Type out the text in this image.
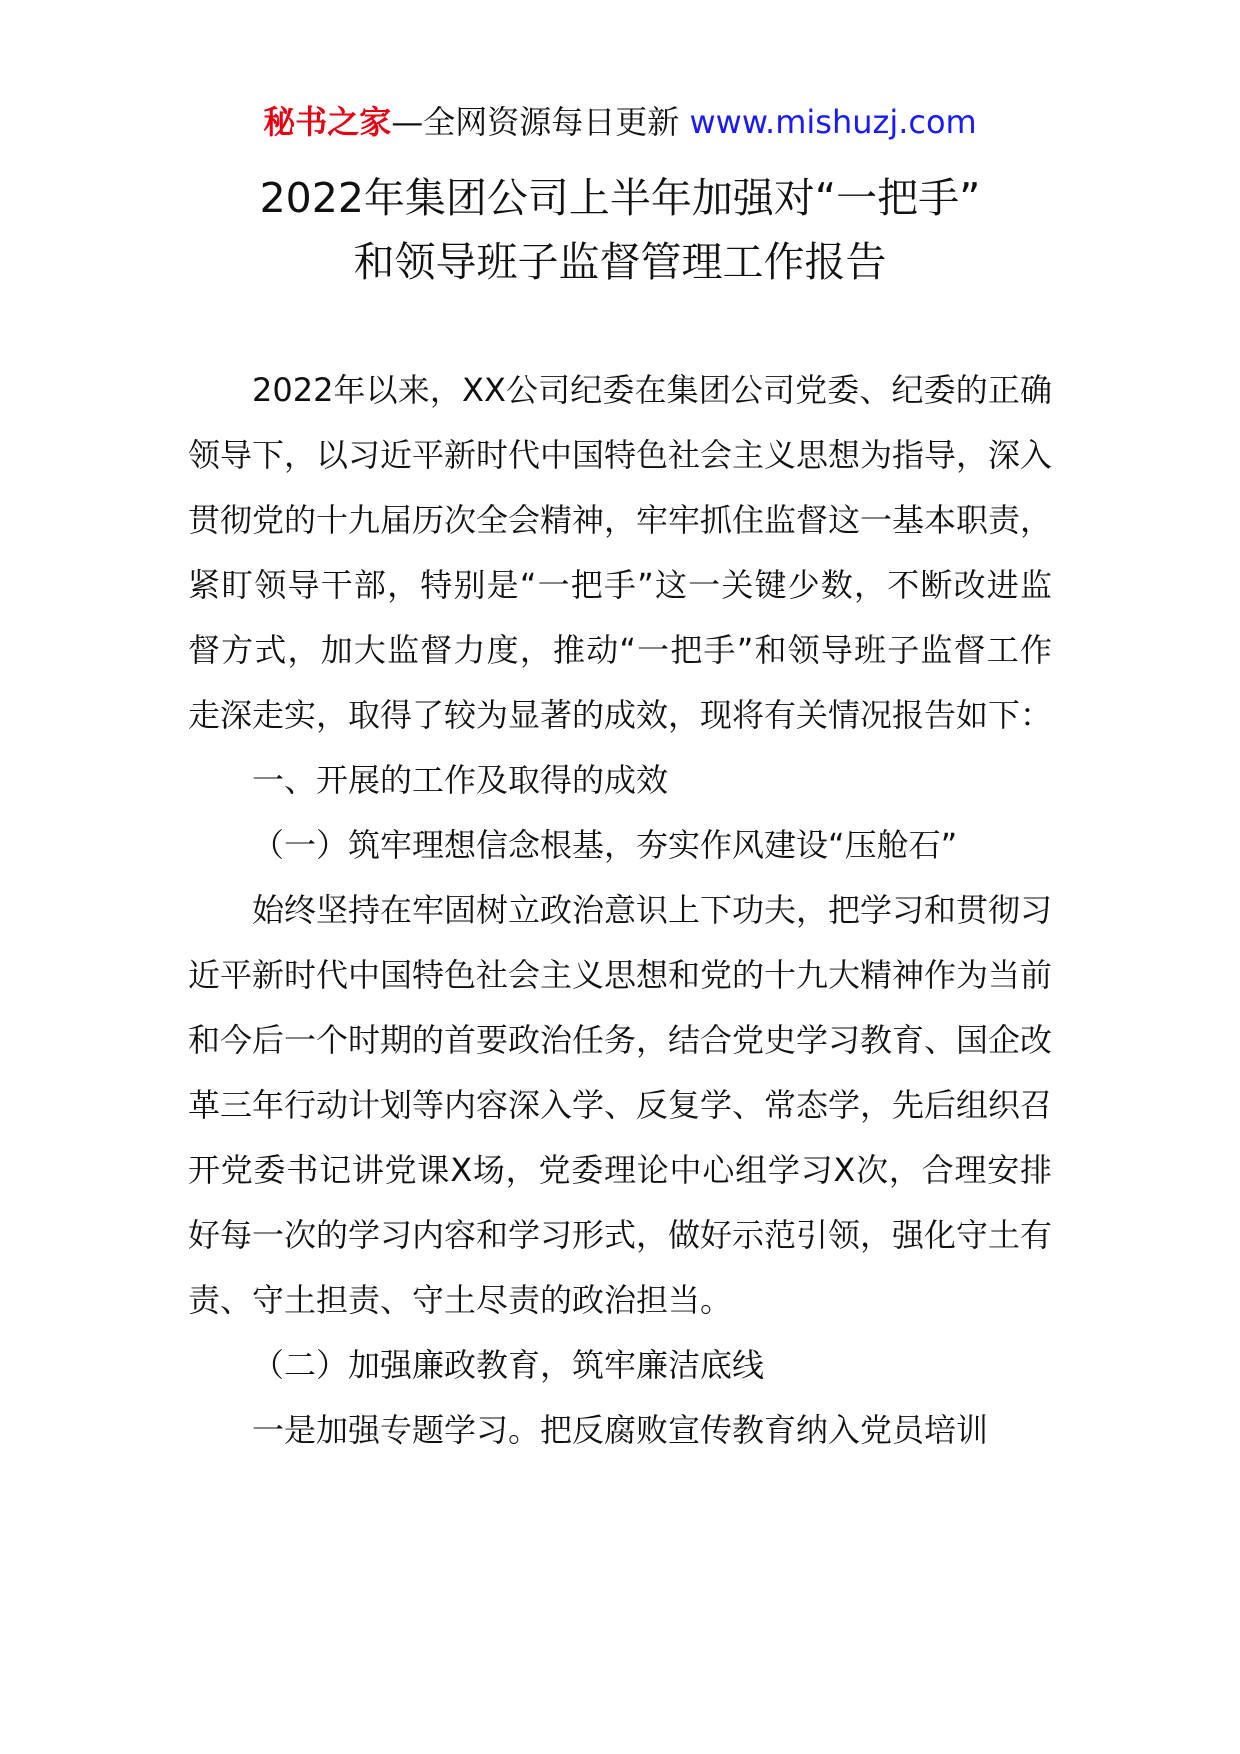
秘书之家—全网资源每日更新 www.mishuzj.com
2022年集团公司上半年加强对“一把手”
和领导班子监督管理工作报告

2022年以来，XX公司纪委在集团公司党委、纪委的正确领导下，以习近平新时代中国特色社会主义思想为指导，深入贯彻党的十九届历次全会精神，牢牢抓住监督这一基本职责，紧盯领导干部，特别是“一把手”这一关键少数，不断改进监督方式，加大监督力度，推动“一把手”和领导班子监督工作走深走实，取得了较为显著的成效，现将有关情况报告如下：

一、开展的工作及取得的成效

（一）筑牢理想信念根基，夯实作风建设“压舱石”

始终坚持在牢固树立政治意识上下功夫，把学习和贯彻习近平新时代中国特色社会主义思想和党的十九大精神作为当前和今后一个时期的首要政治任务，结合党史学习教育、国企改革三年行动计划等内容深入学、反复学、常态学，先后组织召开党委书记讲党课X场，党委理论中心组学习X次，合理安排好每一次的学习内容和学习形式，做好示范引领，强化守土有责、守土担责、守土尽责的政治担当。

（二）加强廉政教育，筑牢廉洁底线

一是加强专题学习。把反腐败宣传教育纳入党员培训
